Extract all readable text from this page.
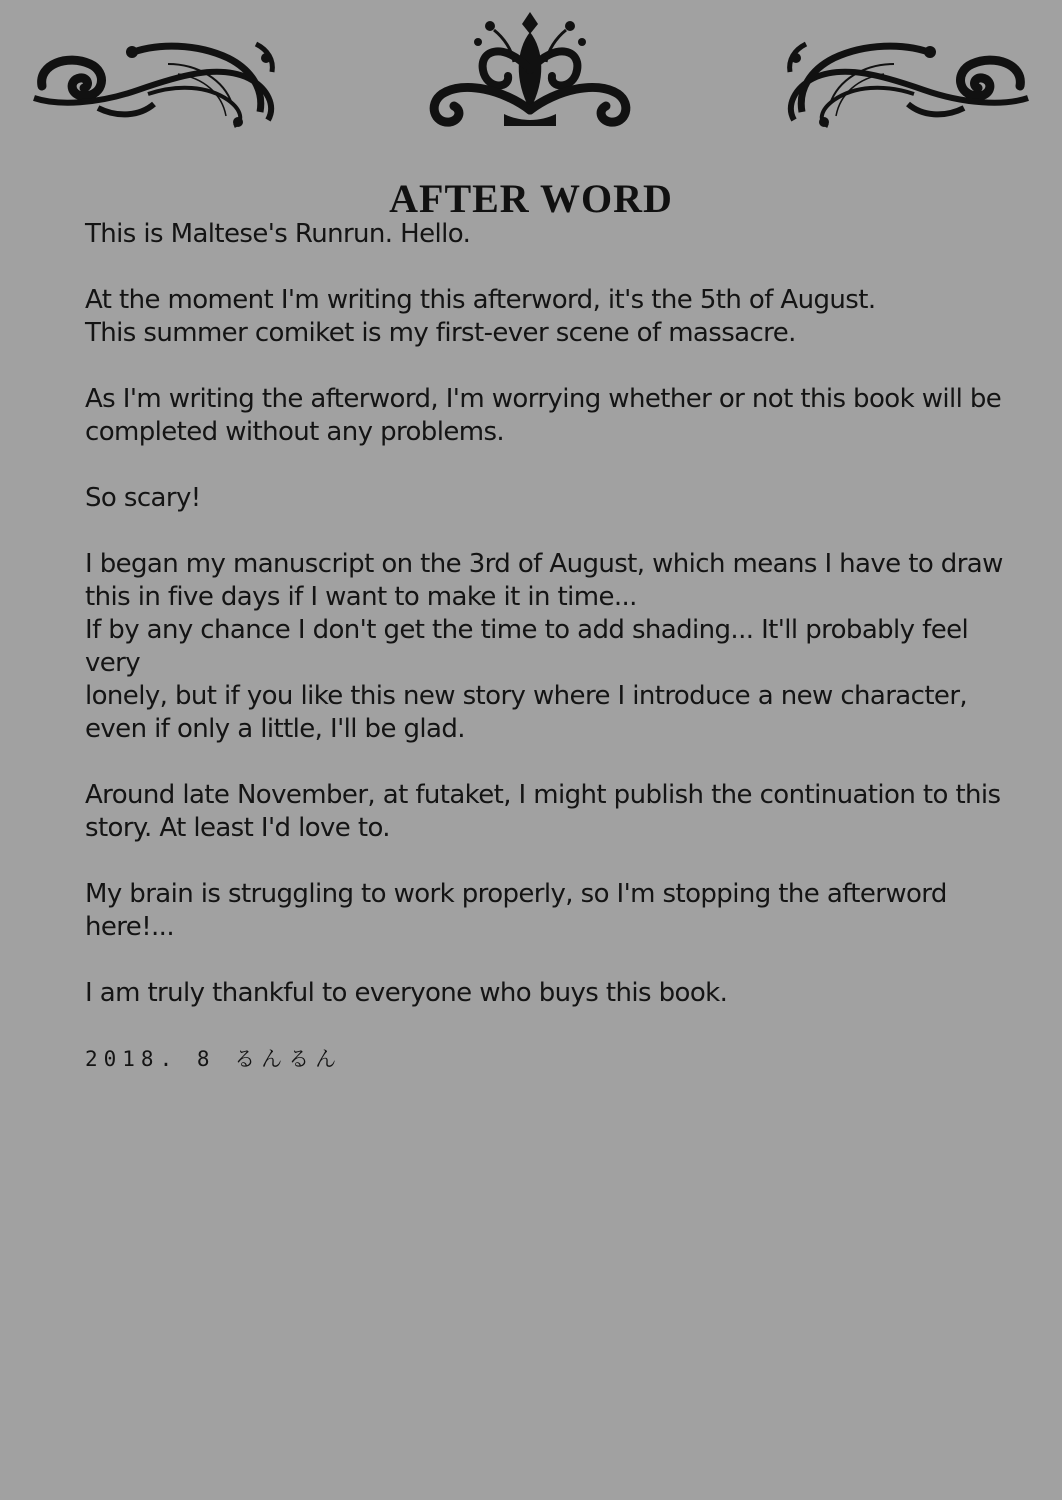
AFTER WORD

This is Maltese's Runrun. Hello.

At the moment I'm writing this afterword, it's the 5th of August.
This summer comiket is my first-ever scene of massacre.

As I'm writing the afterword, I'm worrying whether or not this book will be
completed without any problems.

So scary!

I began my manuscript on the 3rd of August, which means I have to draw
this in five days if I want to make it in time...
If by any chance I don't get the time to add shading... It'll probably feel very
lonely, but if you like this new story where I introduce a new character,
even if only a little, I'll be glad.

Around late November, at futaket, I might publish the continuation to this
story. At least I'd love to.

My brain is struggling to work properly, so I'm stopping the afterword here!...

I am truly thankful to everyone who buys this book.

2018. 8 るんるん
